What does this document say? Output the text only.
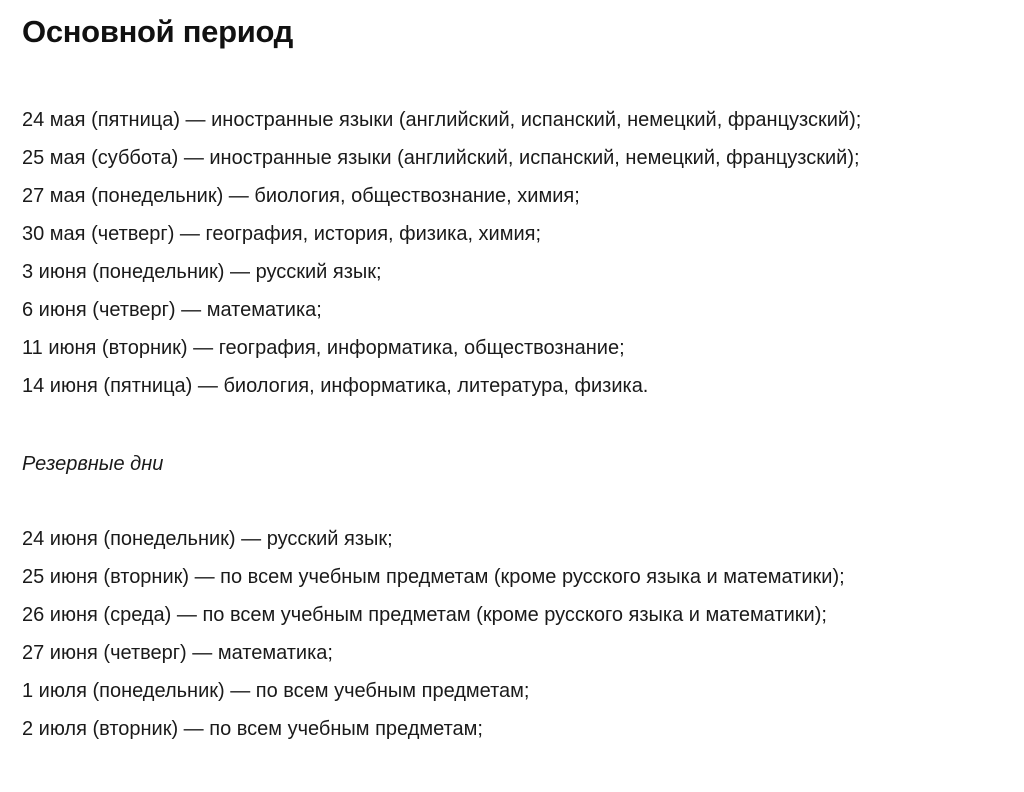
Основной период
24 мая (пятница) — иностранные языки (английский, испанский, немецкий, французский);
25 мая (суббота) — иностранные языки (английский, испанский, немецкий, французский);
27 мая (понедельник) — биология, обществознание, химия;
30 мая (четверг) — география, история, физика, химия;
3 июня (понедельник) — русский язык;
6 июня (четверг) — математика;
11 июня (вторник) — география, информатика, обществознание;
14 июня (пятница) — биология, информатика, литература, физика.

Резервные дни

24 июня (понедельник) — русский язык;
25 июня (вторник) — по всем учебным предметам (кроме русского языка и математики);
26 июня (среда) — по всем учебным предметам (кроме русского языка и математики);
27 июня (четверг) — математика;
1 июля (понедельник) — по всем учебным предметам;
2 июля (вторник) — по всем учебным предметам;
